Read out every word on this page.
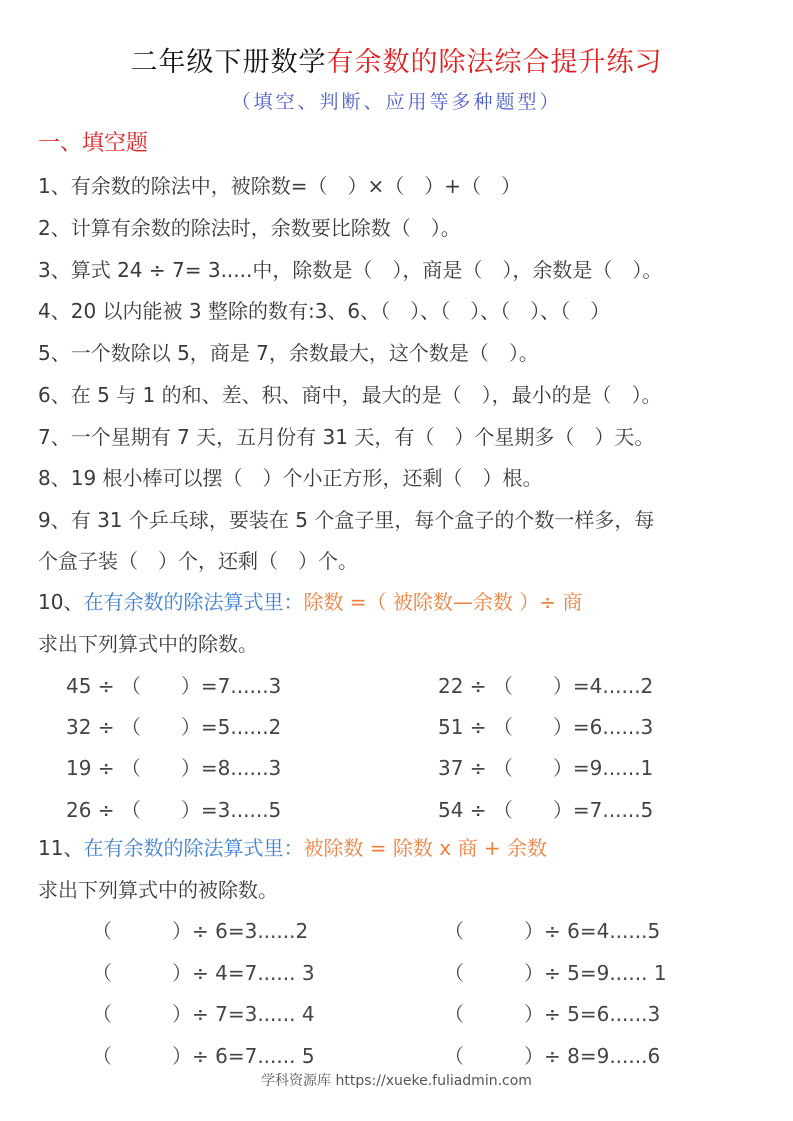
二年级下册数学有余数的除法综合提升练习
（填空、判断、应用等多种题型）
一、填空题
1、有余数的除法中，被除数=（　）×（　）+（　）
2、计算有余数的除法时，余数要比除数（　）。
3、算式 24 ÷ 7= 3.....中，除数是（　），商是（　），余数是（　）。
4、20 以内能被 3 整除的数有:3、6、（　）、（　）、（　）、（　）
5、一个数除以 5，商是 7，余数最大，这个数是（　）。
6、在 5 与 1 的和、差、积、商中，最大的是（　），最小的是（　）。
7、一个星期有 7 天，五月份有 31 天，有（　）个星期多（　）天。
8、19 根小棒可以摆（　）个小正方形，还剩（　）根。
9、有 31 个乒乓球，要装在 5 个盒子里，每个盒子的个数一样多，每
个盒子装（　）个，还剩（　）个。
10、在有余数的除法算式里：除数 =（ 被除数—余数 ）÷ 商
求出下列算式中的除数。
45 ÷ （　　）=7......3
32 ÷ （　　）=5......2
19 ÷ （　　）=8......3
26 ÷ （　　）=3......5
22 ÷ （　　）=4......2
51 ÷ （　　）=6......3
37 ÷ （　　）=9......1
54 ÷ （　　）=7......5
11、在有余数的除法算式里：被除数 = 除数 x 商 + 余数
求出下列算式中的被除数。
（　　　）÷ 6=3......2
（　　　）÷ 4=7...... 3
（　　　）÷ 7=3...... 4
（　　　）÷ 6=7...... 5
（　　　）÷ 6=4......5
（　　　）÷ 5=9...... 1
（　　　）÷ 5=6......3
（　　　）÷ 8=9......6
学科资源库 https://xueke.fuliadmin.com
